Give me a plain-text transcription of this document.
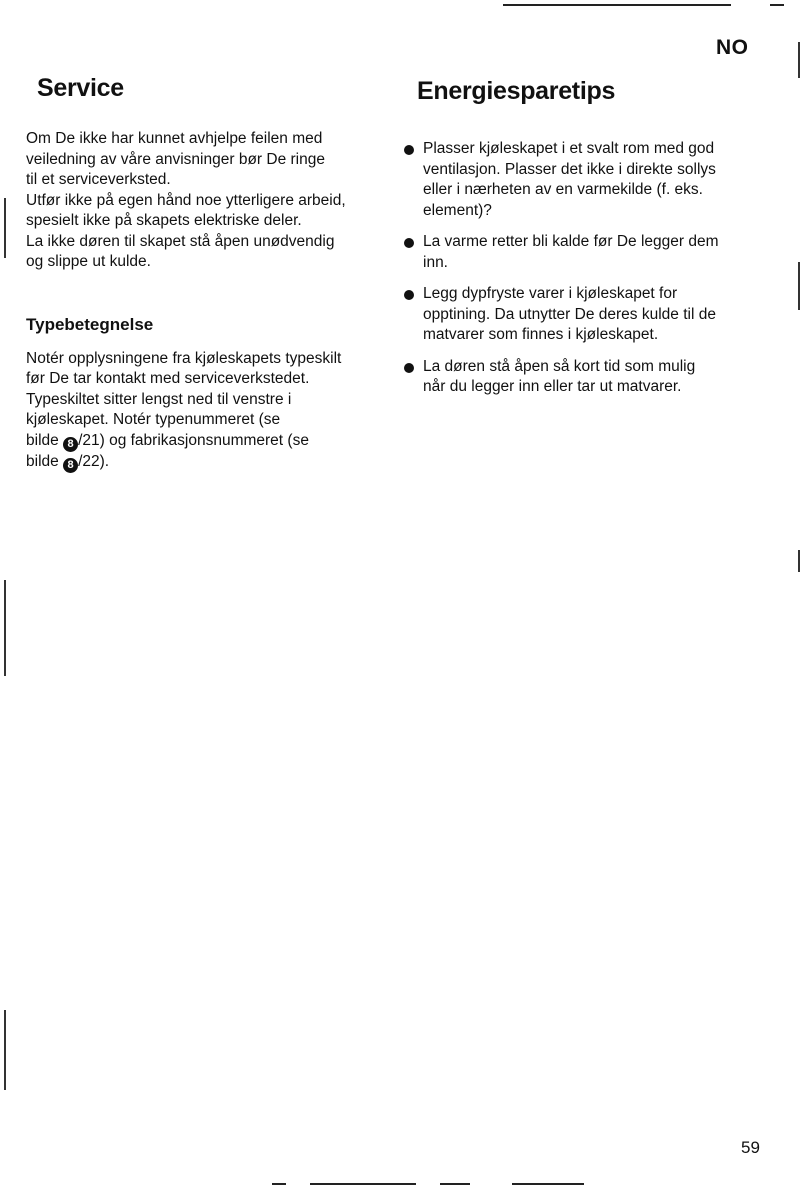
NO
Service

Om De ikke har kunnet avhjelpe feilen med

veiledning av våre anvisninger bør De ringe

til et serviceverksted.

Utfør ikke på egen hånd noe ytterligere arbeid,

spesielt ikke på skapets elektriske deler.

La ikke døren til skapet stå åpen unødvendig

og slippe ut kulde.

Typebetegnelse

Notér opplysningene fra kjøleskapets typeskilt

før De tar kontakt med serviceverkstedet.

Typeskiltet sitter lengst ned til venstre i

kjøleskapet. Notér typenummeret (se

bilde 8 /21) og fabrikasjonsnummeret (se

bilde 8 /22).

Energiesparetips
Plasser kjøleskapet i et svalt rom med god
ventilasjon. Plasser det ikke i direkte sollys
eller i nærheten av en varmekilde (f. eks.
element)?
La varme retter bli kalde før De legger dem
inn.
Legg dypfryste varer i kjøleskapet for
opptining. Da utnytter De deres kulde til de
matvarer som finnes i kjøleskapet.
La døren stå åpen så kort tid som mulig
når du legger inn eller tar ut matvarer.
59
